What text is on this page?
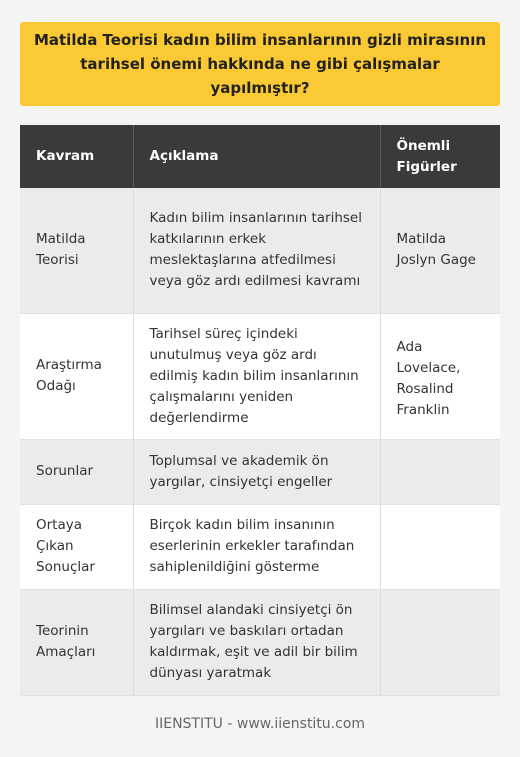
Matilda Teorisi kadın bilim insanlarının gizli mirasının tarihsel önemi hakkında ne gibi çalışmalar yapılmıştır?
Kavram	Açıklama	Önemli Figürler
Matilda Teorisi	Kadın bilim insanlarının tarihsel katkılarının erkek meslektaşlarına atfedilmesi veya göz ardı edilmesi kavramı	Matilda Joslyn Gage
Araştırma Odağı	Tarihsel süreç içindeki unutulmuş veya göz ardı edilmiş kadın bilim insanlarının çalışmalarını yeniden değerlendirme	Ada Lovelace, Rosalind Franklin
Sorunlar	Toplumsal ve akademik ön yargılar, cinsiyetçi engeller	
Ortaya Çıkan Sonuçlar	Birçok kadın bilim insanının eserlerinin erkekler tarafından sahiplenildiğini gösterme	
Teorinin Amaçları	Bilimsel alandaki cinsiyetçi ön yargıları ve baskıları ortadan kaldırmak, eşit ve adil bir bilim dünyası yaratmak	
IIENSTITU - www.iienstitu.com
